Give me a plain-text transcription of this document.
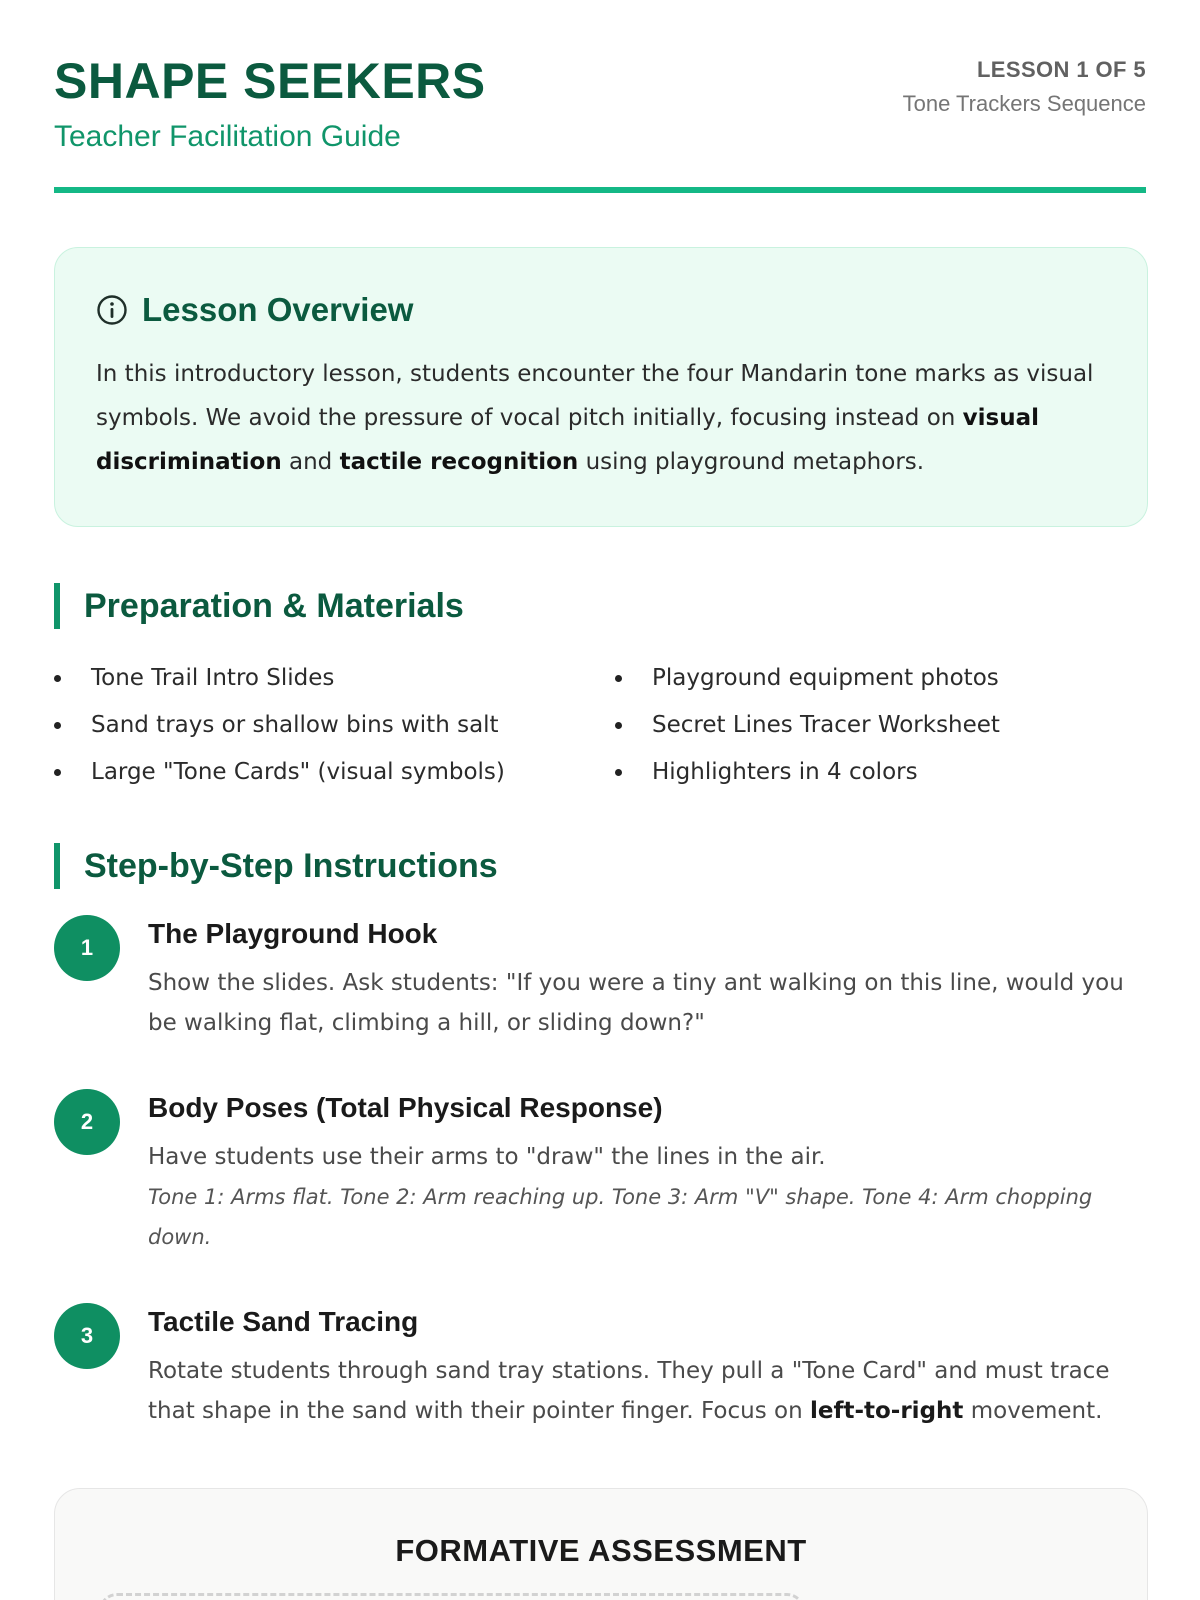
SHAPE SEEKERS

Teacher Facilitation Guide

LESSON 1 OF 5
Tone Trackers Sequence
Lesson Overview

In this introductory lesson, students encounter the four Mandarin tone marks as visual symbols. We avoid the pressure of vocal pitch initially, focusing instead on visual discrimination and tactile recognition using playground metaphors.

Preparation & Materials
Tone Trail Intro Slides	Playground equipment photos
Sand trays or shallow bins with salt	Secret Lines Tracer Worksheet
Large "Tone Cards" (visual symbols)	Highlighters in 4 colors
Step-by-Step Instructions
1	The Playground Hook

Show the slides. Ask students: "If you were a tiny ant walking on this line, would you be walking flat, climbing a hill, or sliding down?"

2	Body Poses (Total Physical Response)

Have students use their arms to "draw" the lines in the air.

Tone 1: Arms flat. Tone 2: Arm reaching up. Tone 3: Arm "V" shape. Tone 4: Arm chopping down.

3	Tactile Sand Tracing

Rotate students through sand tray stations. They pull a "Tone Card" and must trace that shape in the sand with their pointer finger. Focus on left-to-right movement.

FORMATIVE ASSESSMENT
